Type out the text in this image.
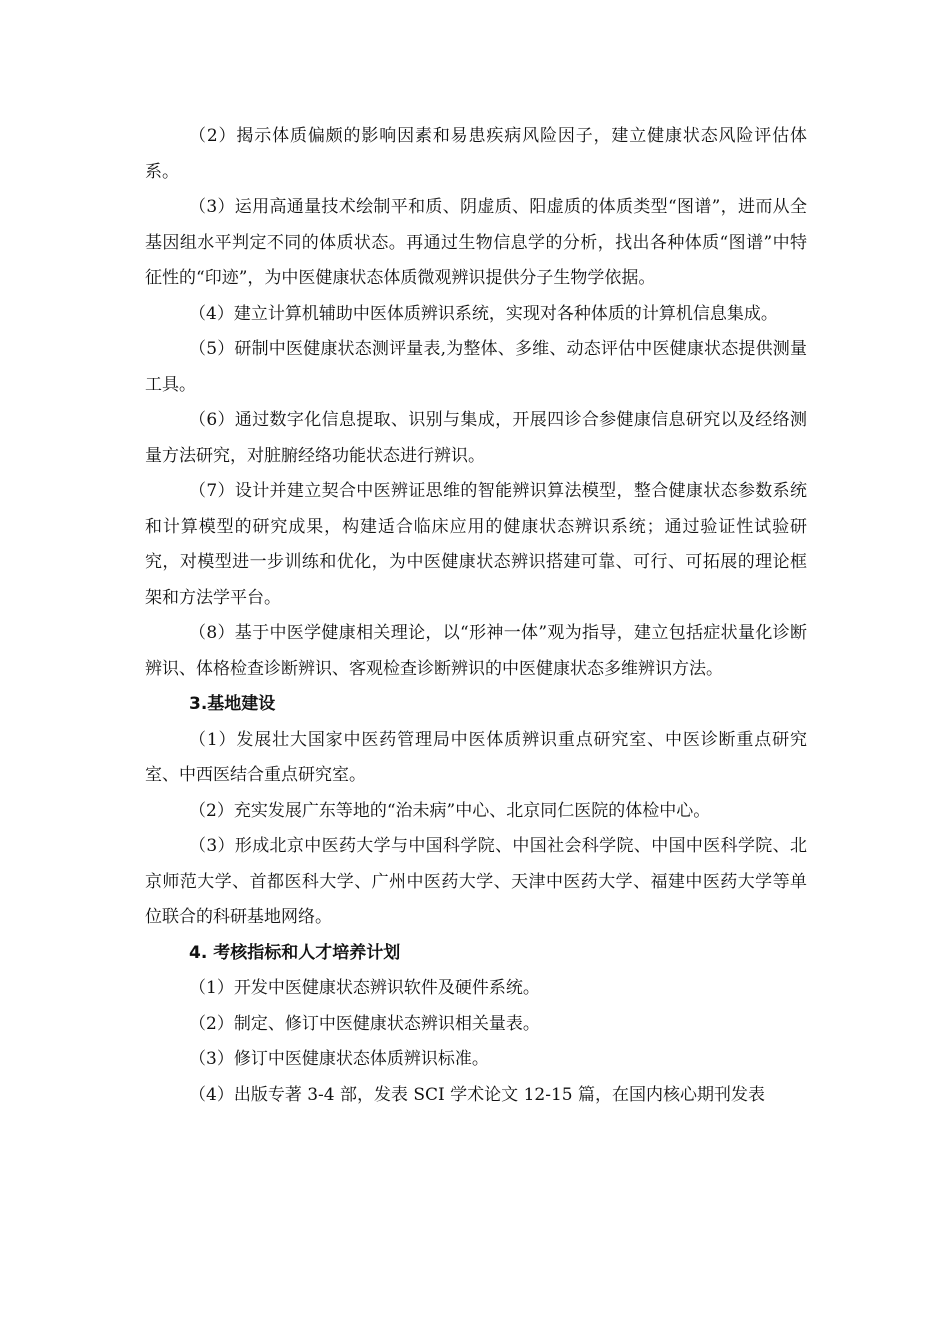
（2）揭示体质偏颇的影响因素和易患疾病风险因子，建立健康状态风险评估体系。

（3）运用高通量技术绘制平和质、阴虚质、阳虚质的体质类型“图谱”，进而从全基因组水平判定不同的体质状态。再通过生物信息学的分析，找出各种体质“图谱”中特征性的“印迹”，为中医健康状态体质微观辨识提供分子生物学依据。

（4）建立计算机辅助中医体质辨识系统，实现对各种体质的计算机信息集成。

（5）研制中医健康状态测评量表,为整体、多维、动态评估中医健康状态提供测量工具。

（6）通过数字化信息提取、识别与集成，开展四诊合参健康信息研究以及经络测量方法研究，对脏腑经络功能状态进行辨识。

（7）设计并建立契合中医辨证思维的智能辨识算法模型，整合健康状态参数系统和计算模型的研究成果，构建适合临床应用的健康状态辨识系统；通过验证性试验研究，对模型进一步训练和优化，为中医健康状态辨识搭建可靠、可行、可拓展的理论框架和方法学平台。

（8）基于中医学健康相关理论，以“形神一体”观为指导，建立包括症状量化诊断辨识、体格检查诊断辨识、客观检查诊断辨识的中医健康状态多维辨识方法。

3.基地建设

（1）发展壮大国家中医药管理局中医体质辨识重点研究室、中医诊断重点研究室、中西医结合重点研究室。

（2）充实发展广东等地的“治未病”中心、北京同仁医院的体检中心。

（3）形成北京中医药大学与中国科学院、中国社会科学院、中国中医科学院、北京师范大学、首都医科大学、广州中医药大学、天津中医药大学、福建中医药大学等单位联合的科研基地网络。

4. 考核指标和人才培养计划

（1）开发中医健康状态辨识软件及硬件系统。

（2）制定、修订中医健康状态辨识相关量表。

（3）修订中医健康状态体质辨识标准。

（4）出版专著 3-4 部，发表 SCI 学术论文 12-15 篇，在国内核心期刊发表
